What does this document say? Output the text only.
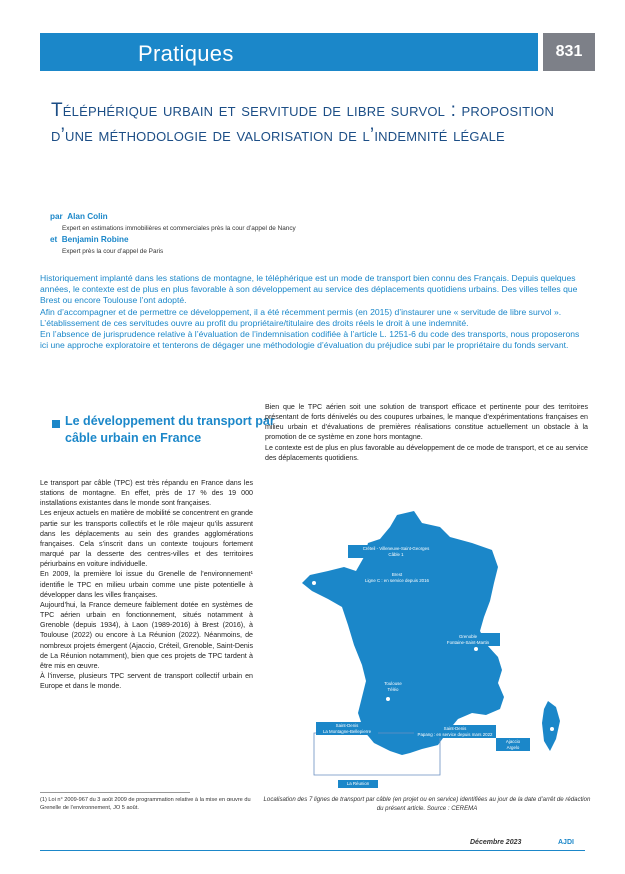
Pratiques	831
Téléphérique urbain et servitude de libre survol : proposition d’une méthodologie de valorisation de l’indemnité légale
par Alan Colin
Expert en estimations immobilières et commerciales près la cour d’appel de Nancy
et Benjamin Robine
Expert près la cour d’appel de Paris

Historiquement implanté dans les stations de montagne, le téléphérique est un mode de transport bien connu des Français. Depuis quelques années, le contexte est de plus en plus favorable à son développement au service des déplacements quotidiens urbains. Des villes telles que Brest ou encore Toulouse l’ont adopté.

Afin d’accompagner et de permettre ce développement, il a été récemment permis (en 2015) d’instaurer une « servitude de libre survol ». L’établissement de ces servitudes ouvre au profit du propriétaire/titulaire des droits réels le droit à une indemnité.

En l’absence de jurisprudence relative à l’évaluation de l’indemnisation codifiée à l’article L. 1251-6 du code des transports, nous proposerons ici une approche exploratoire et tenterons de dégager une méthodologie d’évaluation du préjudice subi par le propriétaire du fonds servant.

Le développement du transport par câble urbain en France

Le transport par câble (TPC) est très répandu en France dans les stations de montagne. En effet, près de 17 % des 19 000 installations existantes dans le monde sont françaises.

Les enjeux actuels en matière de mobilité se concentrent en grande partie sur les transports collectifs et le rôle majeur qu’ils assurent dans les déplacements au sein des grandes agglomérations françaises. Cela s’inscrit dans un contexte toujours fortement marqué par la desserte des centres-villes et des territoires périurbains en voiture individuelle.

En 2009, la première loi issue du Grenelle de l’environnement¹ identifie le TPC en milieu urbain comme une piste potentielle à développer dans les villes françaises.

Aujourd’hui, la France demeure faiblement dotée en systèmes de TPC aérien urbain en fonctionnement, situés notamment à Grenoble (depuis 1934), à Laon (1989-2016) à Brest (2016), à Toulouse (2022) ou encore à La Réunion (2022). Néanmoins, de nombreux projets émergent (Ajaccio, Créteil, Grenoble, Saint-Denis de La Réunion notamment), bien que ces projets de TPC tardent à être mis en œuvre.

À l’inverse, plusieurs TPC servent de transport collectif urbain en Europe et dans le monde.

Bien que le TPC aérien soit une solution de transport efficace et pertinente pour des territoires présentant de forts dénivelés ou des coupures urbaines, le manque d’expérimentations françaises en milieu urbain et d’évaluations de premières réalisations constitue actuellement un obstacle à la promotion de ce système en zone hors montagne.

Le contexte est de plus en plus favorable au développement de ce mode de transport, et ce au service des déplacements quotidiens.

Créteil - Villeneuve-Saint-Georges
Câble 1
Brest
Ligne C : en service depuis 2016
Grenoble
Fontaine-Saint-Martin
Toulouse
Téléo
Saint-Denis
La Montagne-Bellepierre
Saint-Denis
Papang : en service depuis mars 2022
Ajaccio
Argelo
La Réunion
(1) Loi n° 2009-967 du 3 août 2009 de programmation relative à la mise en œuvre du Grenelle de l’environnement, JO 5 août.
Localisation des 7 lignes de transport par câble (en projet ou en service) identifiées au jour de la date d’arrêt de rédaction du présent article. Source : CEREMA
Décembre 2023	AJDI
